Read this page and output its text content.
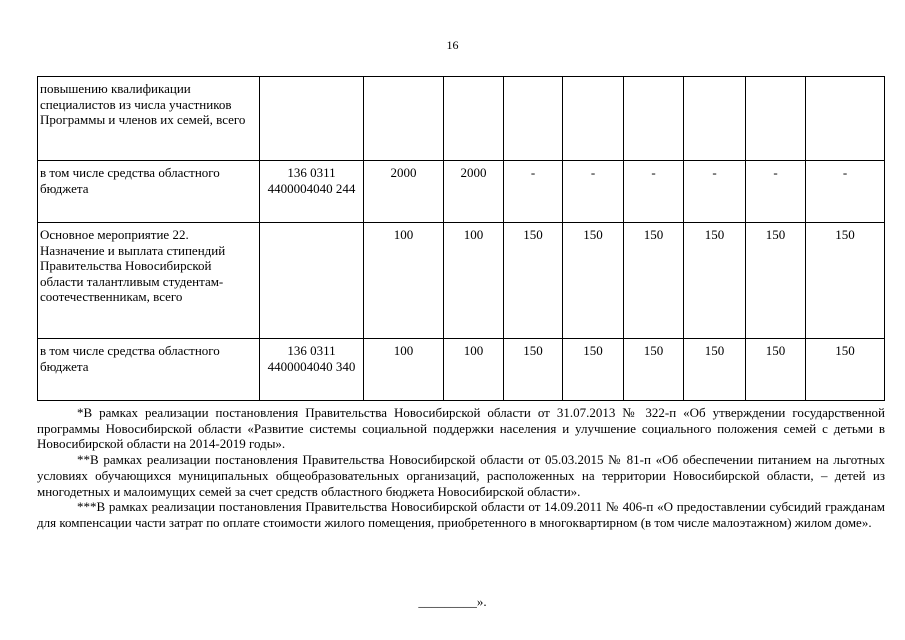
16
повышению квалификации специалистов из числа участников Программы и членов их семей, всего									
в том числе средства областного бюджета	136 0311 4400004040 244	2000	2000	-	-	-	-	-	-
Основное мероприятие 22. Назначение и выплата стипендий Правительства Новосибирской области талантливым студентам-соотечественникам, всего		100	100	150	150	150	150	150	150
в том числе средства областного бюджета	136 0311 4400004040 340	100	100	150	150	150	150	150	150

*В рамках реализации постановления Правительства Новосибирской области от 31.07.2013 № 322-п «Об утверждении государственной программы Новосибирской области «Развитие системы социальной поддержки населения и улучшение социального положения семей с детьми в Новосибирской области на 2014-2019 годы».

**В рамках реализации постановления Правительства Новосибирской области от 05.03.2015 № 81-п «Об обеспечении питанием на льготных условиях обучающихся муниципальных общеобразовательных организаций, расположенных на территории Новосибирской области, – детей из многодетных и малоимущих семей за счет средств областного бюджета Новосибирской области».

***В рамках реализации постановления Правительства Новосибирской области от 14.09.2011 № 406-п «О предоставлении субсидий гражданам для компенсации части затрат по оплате стоимости жилого помещения, приобретенного в многоквартирном (в том числе малоэтажном) жилом доме».

_________».
